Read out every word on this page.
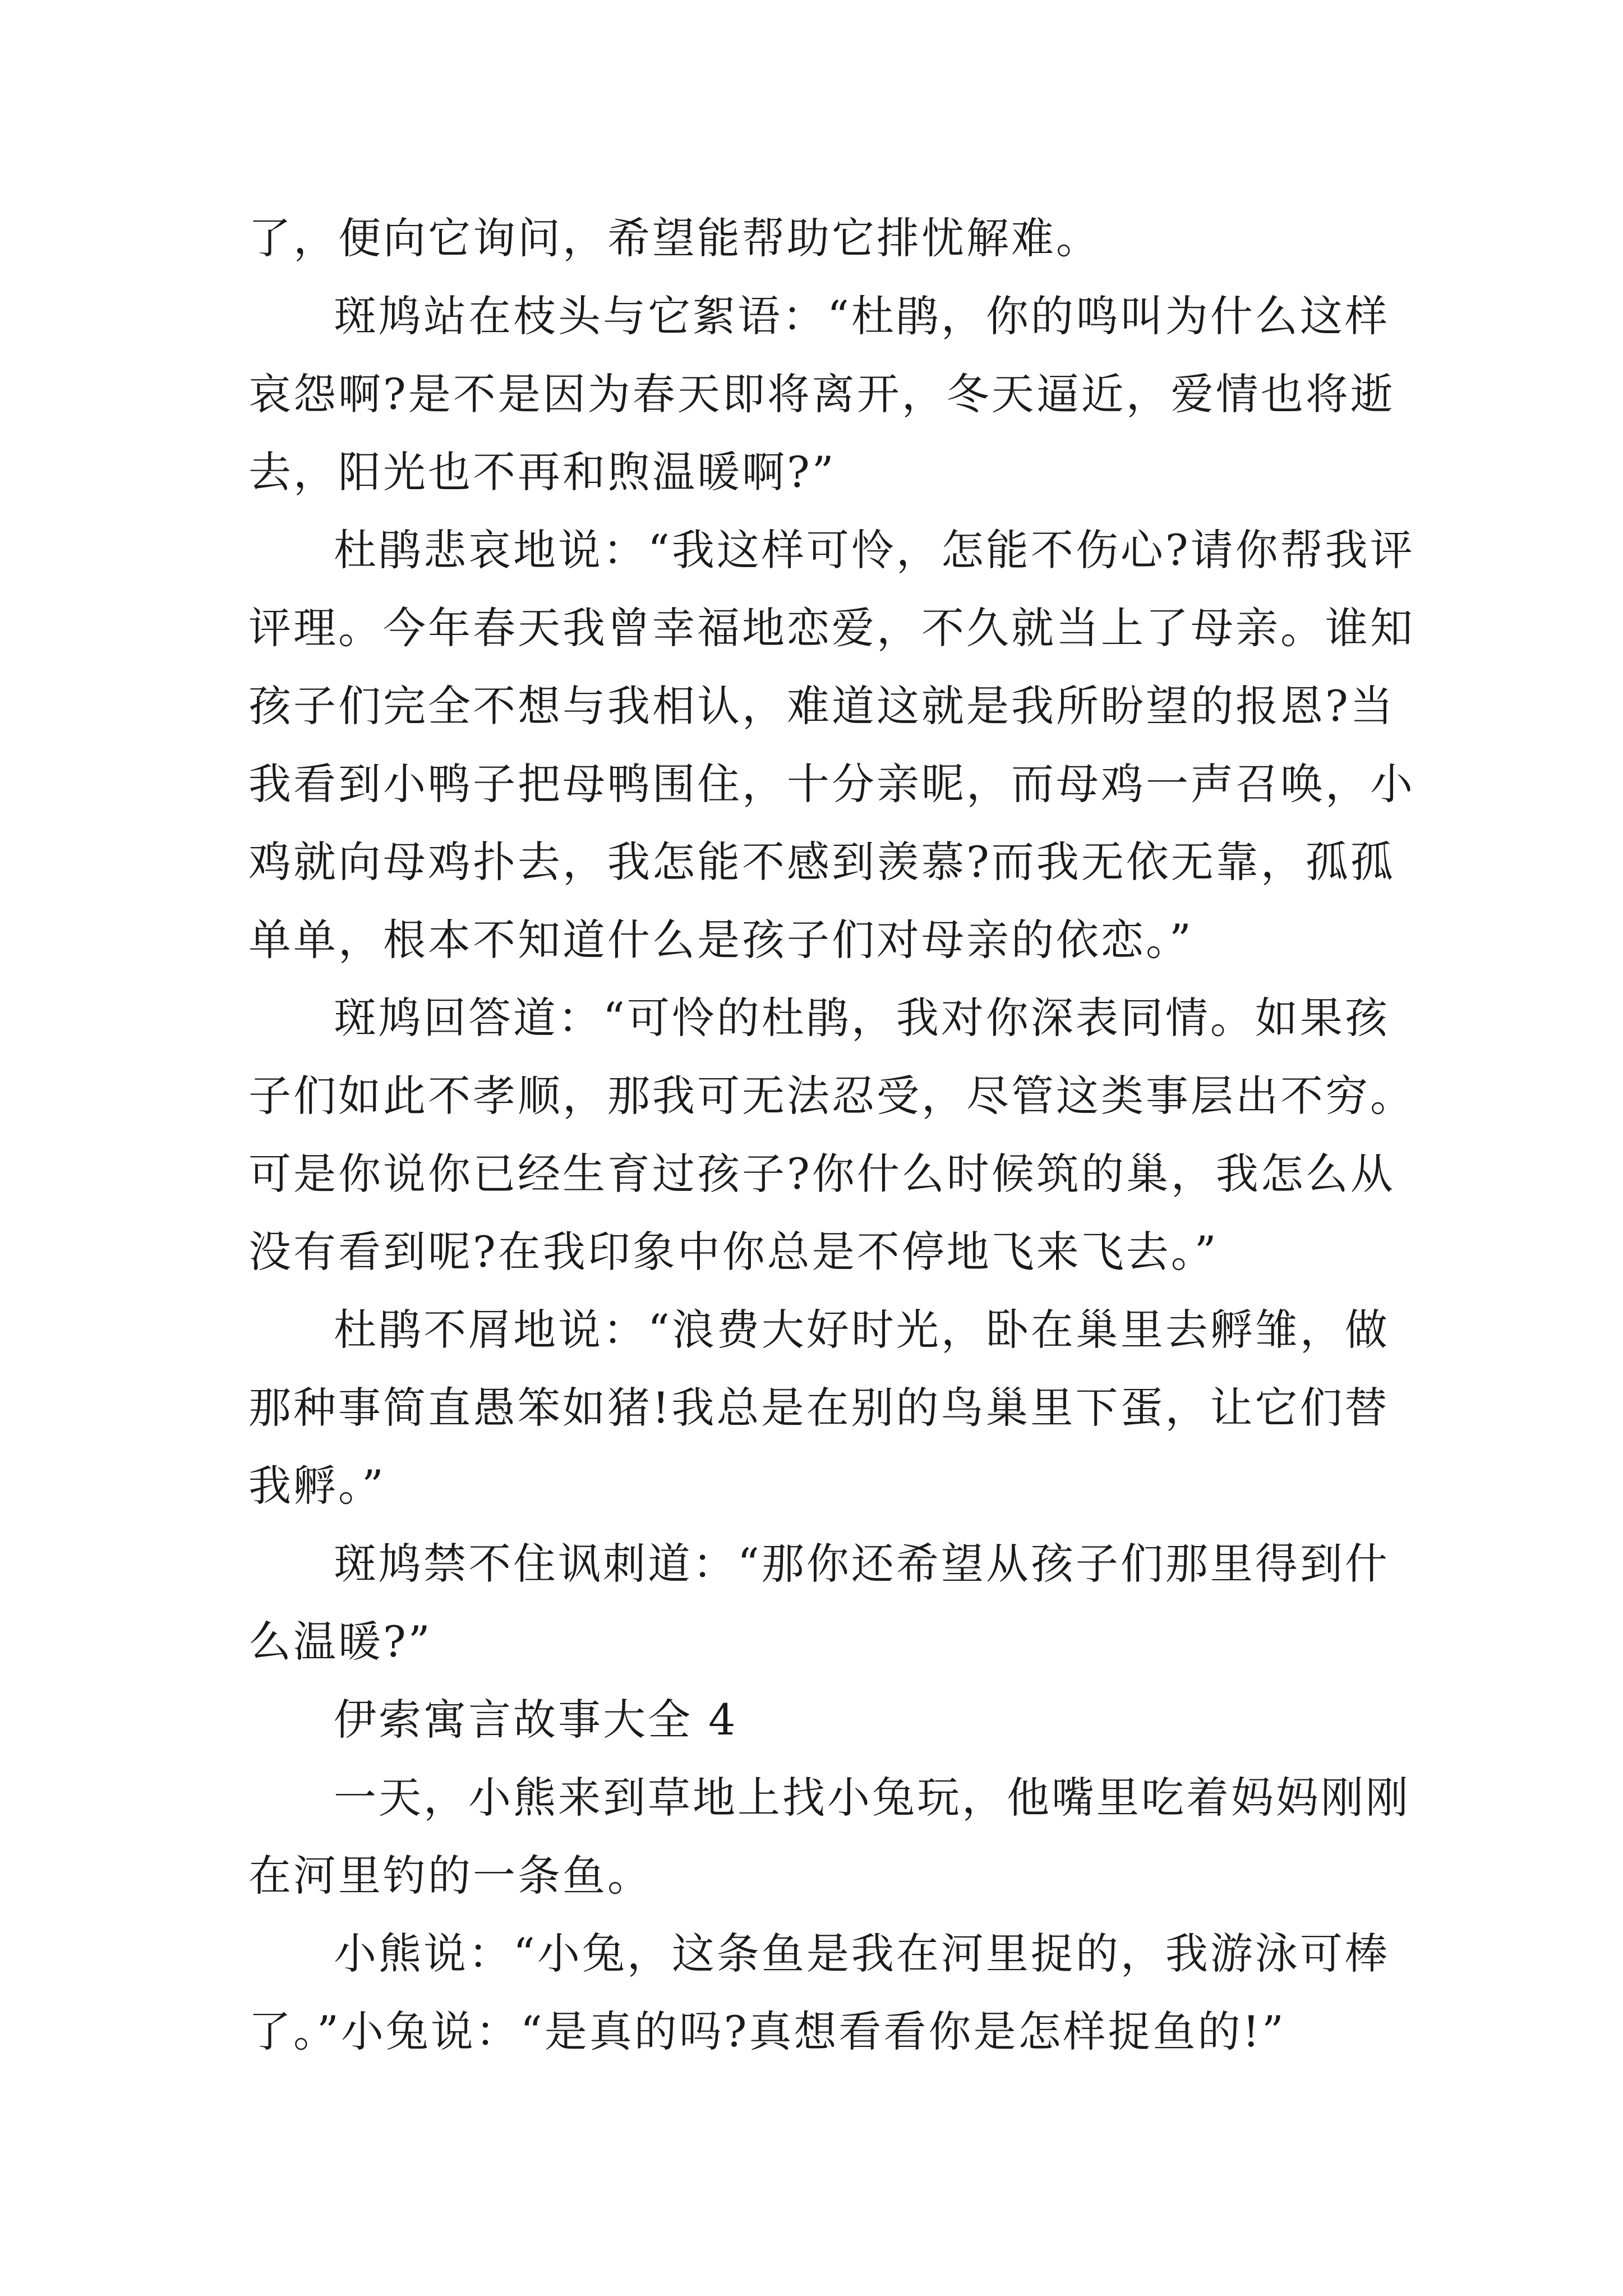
了，便向它询问，希望能帮助它排忧解难。
斑鸠站在枝头与它絮语：“杜鹃，你的鸣叫为什么这样
哀怨啊?是不是因为春天即将离开，冬天逼近，爱情也将逝
去，阳光也不再和煦温暖啊?”
杜鹃悲哀地说：“我这样可怜，怎能不伤心?请你帮我评
评理。今年春天我曾幸福地恋爱，不久就当上了母亲。谁知
孩子们完全不想与我相认，难道这就是我所盼望的报恩?当
我看到小鸭子把母鸭围住，十分亲昵，而母鸡一声召唤，小
鸡就向母鸡扑去，我怎能不感到羡慕?而我无依无靠，孤孤
单单，根本不知道什么是孩子们对母亲的依恋。”
斑鸠回答道：“可怜的杜鹃，我对你深表同情。如果孩
子们如此不孝顺，那我可无法忍受，尽管这类事层出不穷。
可是你说你已经生育过孩子?你什么时候筑的巢，我怎么从
没有看到呢?在我印象中你总是不停地飞来飞去。”
杜鹃不屑地说：“浪费大好时光，卧在巢里去孵雏，做
那种事简直愚笨如猪!我总是在别的鸟巢里下蛋，让它们替
我孵。”
斑鸠禁不住讽刺道：“那你还希望从孩子们那里得到什
么温暖?”
伊索寓言故事大全 4
一天，小熊来到草地上找小兔玩，他嘴里吃着妈妈刚刚
在河里钓的一条鱼。
小熊说：“小兔，这条鱼是我在河里捉的，我游泳可棒
了。”小兔说：“是真的吗?真想看看你是怎样捉鱼的!”
